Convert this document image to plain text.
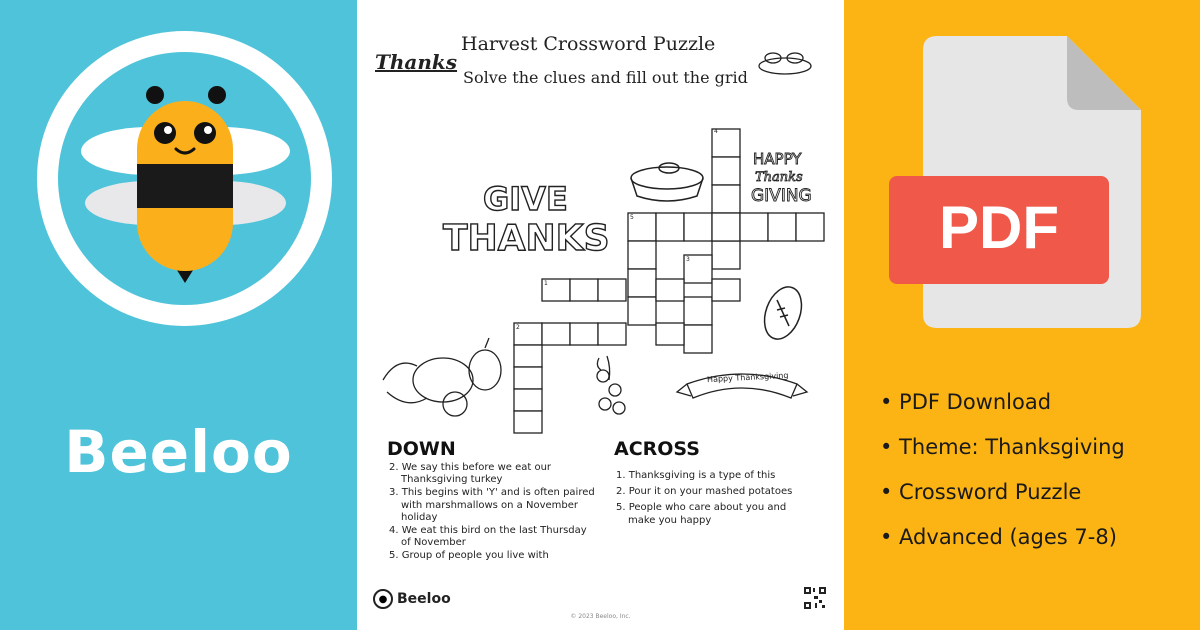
Beeloo
4
5
3
1
2
GIVE
THANKS
HAPPY
Thanks
GIVING
Happy Thanksgiving
Thanks
Harvest Crossword Puzzle
Solve the clues and fill out the grid
DOWN
2. We say this before we eat our Thanksgiving turkey
3. This begins with 'Y' and is often paired with marshmallows on a November holiday
4. We eat this bird on the last Thursday of November
5. Group of people you live with
ACROSS
1. Thanksgiving is a type of this
2. Pour it on your mashed potatoes
5. People who care about you and make you happy
● Beeloo
© 2023 Beeloo, Inc.
PDF
• PDF Download
• Theme: Thanksgiving
• Crossword Puzzle
• Advanced (ages 7-8)
